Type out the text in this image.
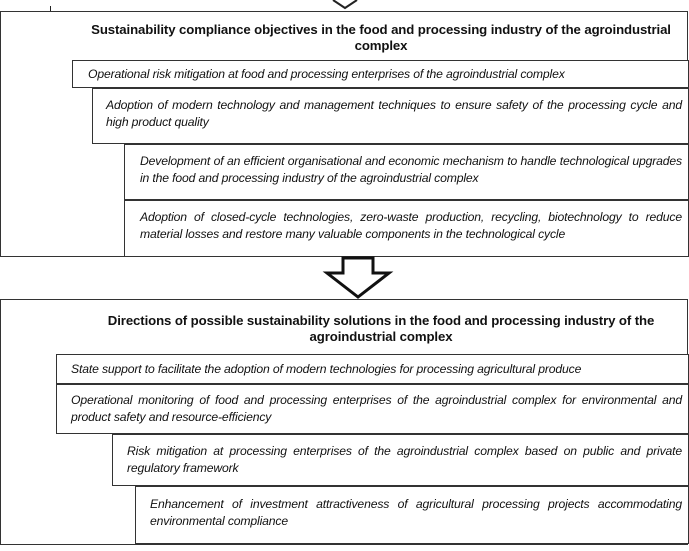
Sustainability compliance objectives in the food and processing industry of the agroindustrial complex
Operational risk mitigation at food and processing enterprises of the agroindustrial complex
Adoption of modern technology and management techniques to ensure safety of the processing cycle and high product quality
Development of an efficient organisational and economic mechanism to handle technological upgrades in the food and processing industry of the agroindustrial complex
Adoption of closed-cycle technologies, zero-waste production, recycling, biotechnology to reduce material losses and restore many valuable components in the technological cycle
Directions of possible sustainability solutions in the food and processing industry of the agroindustrial complex
State support to facilitate the adoption of modern technologies for processing agricultural produce
Operational monitoring of food and processing enterprises of the agroindustrial complex for environmental and product safety and resource-efficiency
Risk mitigation at processing enterprises of the agroindustrial complex based on public and private regulatory framework
Enhancement of investment attractiveness of agricultural processing projects accommodating environmental compliance
